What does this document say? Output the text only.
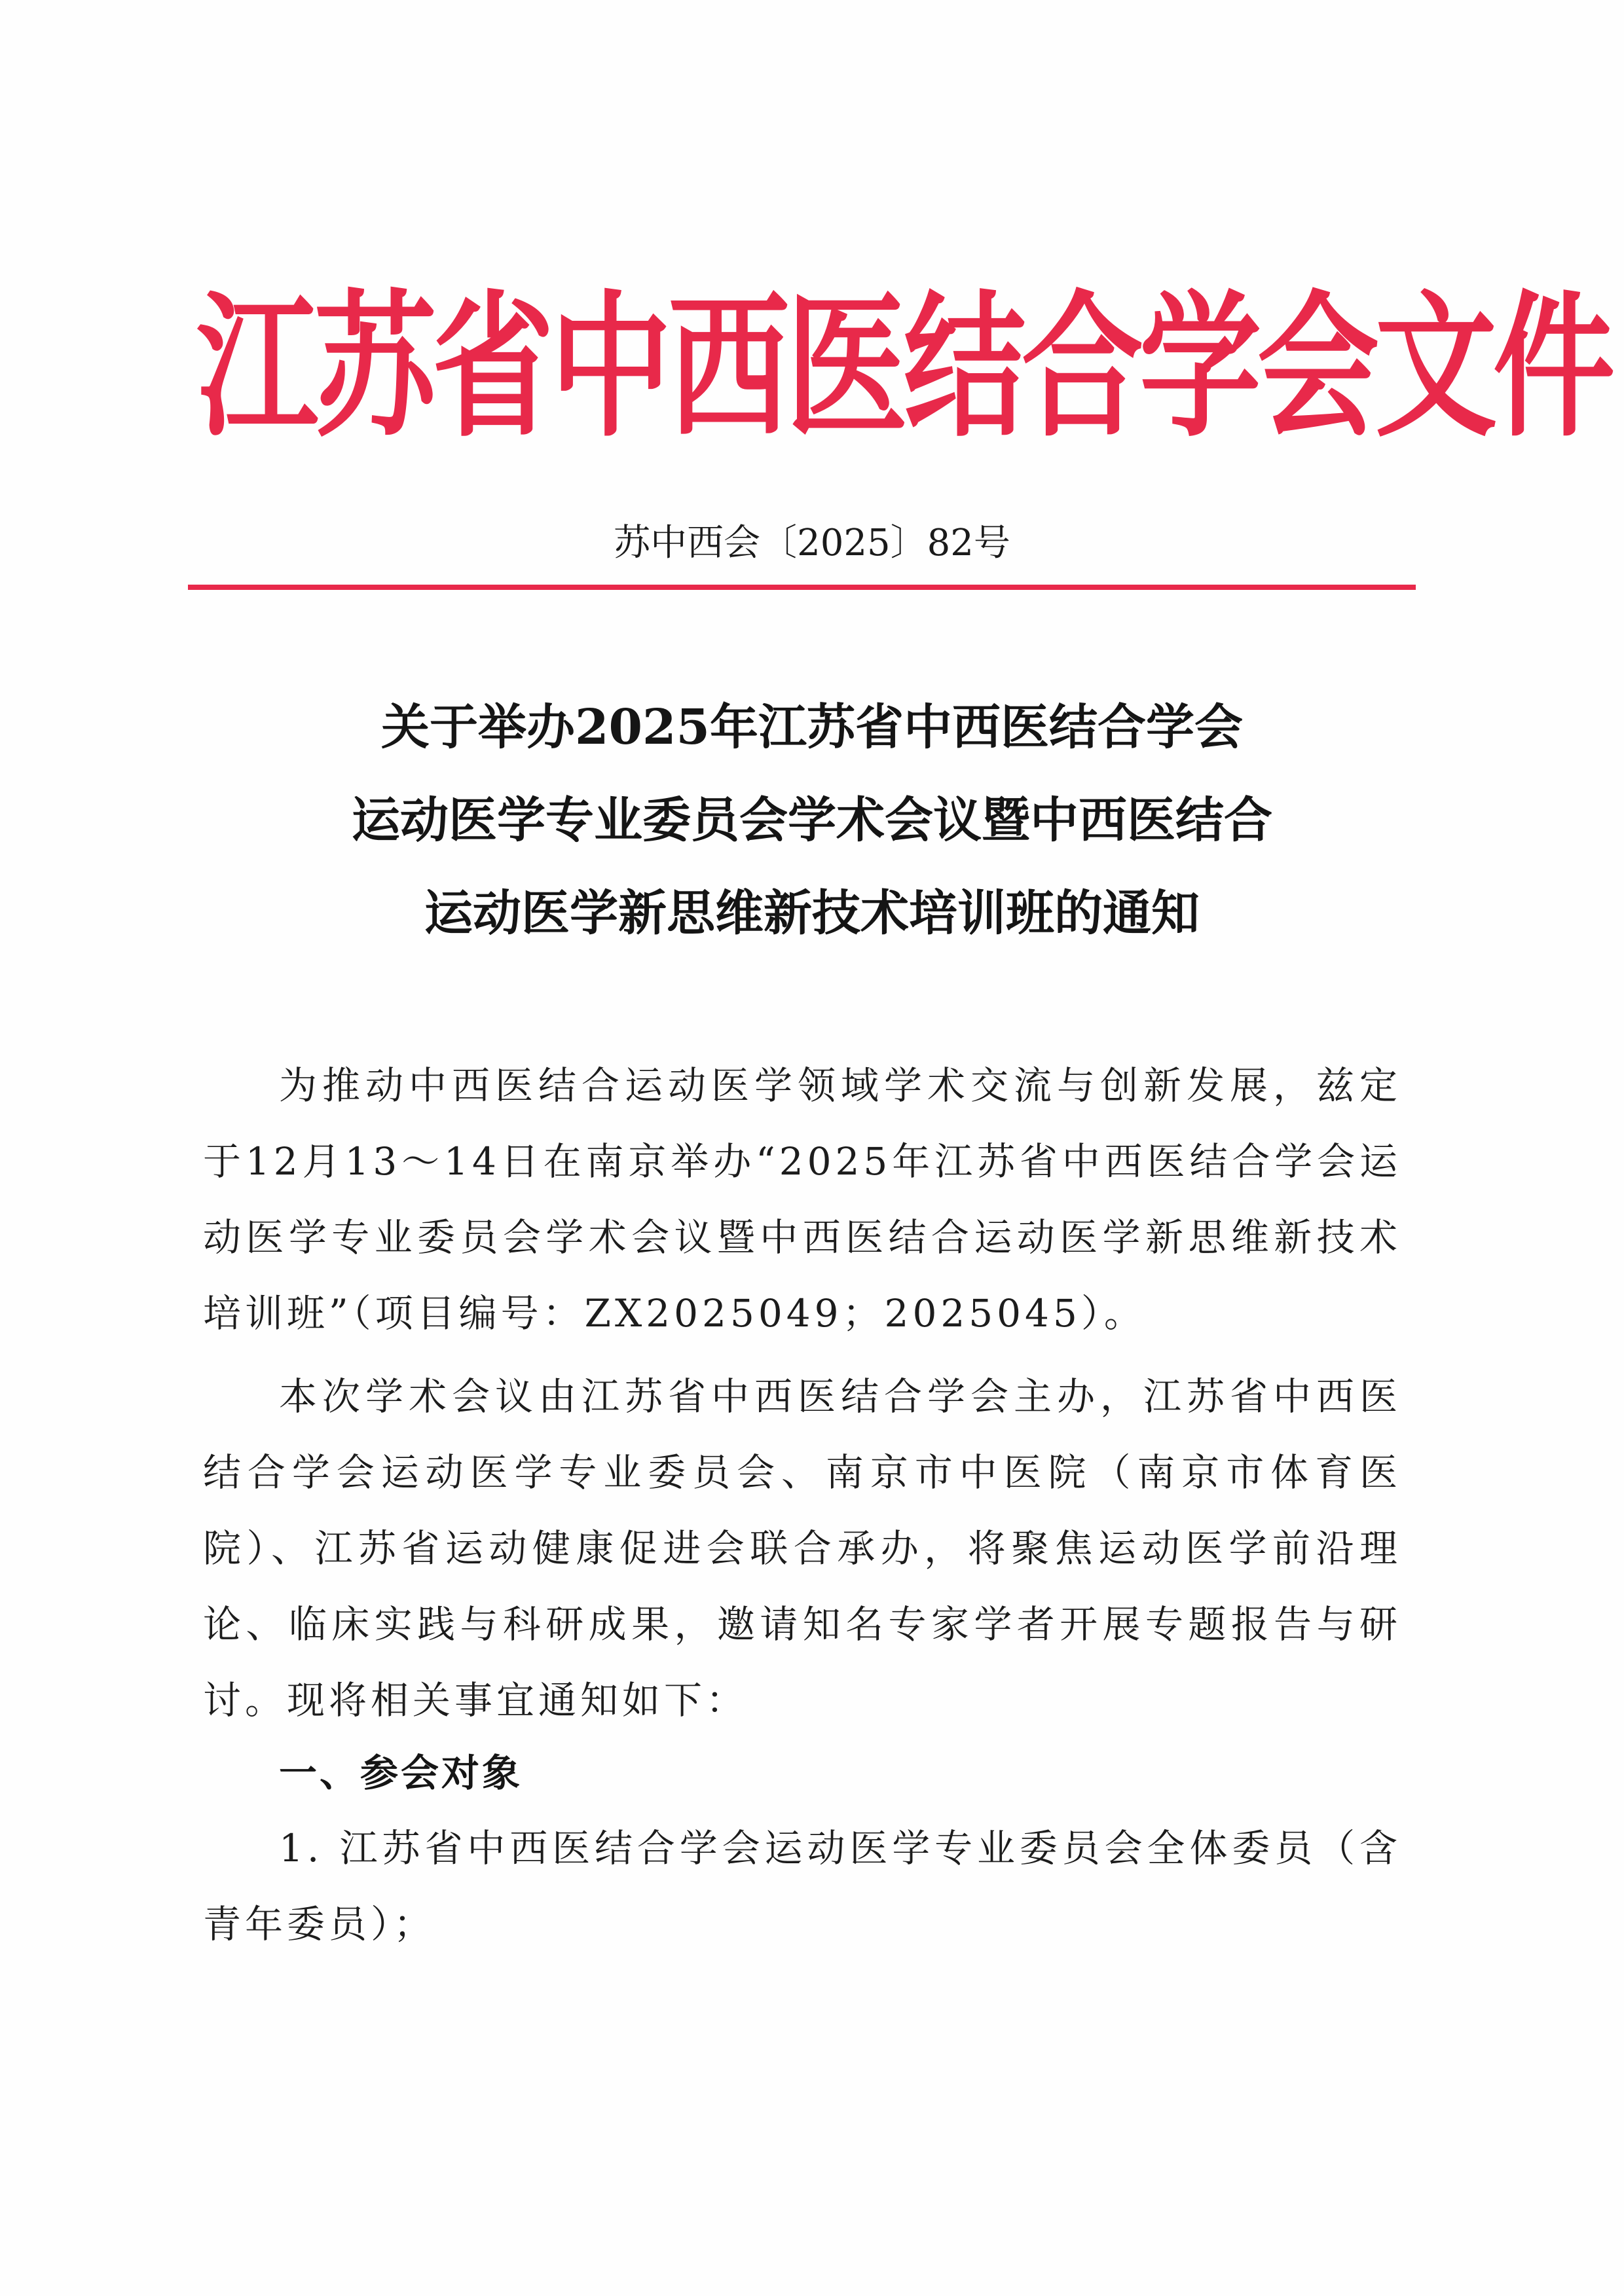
江苏省中西医结合学会文件
苏中西会〔2025〕82号
关于举办2025年江苏省中西医结合学会
运动医学专业委员会学术会议暨中西医结合
运动医学新思维新技术培训班的通知

为推动中西医结合运动医学领域学术交流与创新发展，兹定于12月13～14日在南京举办“2025年江苏省中西医结合学会运动医学专业委员会学术会议暨中西医结合运动医学新思维新技术培训班”（项目编号：ZX2025049；2025045）。

本次学术会议由江苏省中西医结合学会主办，江苏省中西医结合学会运动医学专业委员会、南京市中医院（南京市体育医院）、江苏省运动健康促进会联合承办，将聚焦运动医学前沿理论、临床实践与科研成果，邀请知名专家学者开展专题报告与研讨。现将相关事宜通知如下：

一、参会对象

1. 江苏省中西医结合学会运动医学专业委员会全体委员（含青年委员）；
